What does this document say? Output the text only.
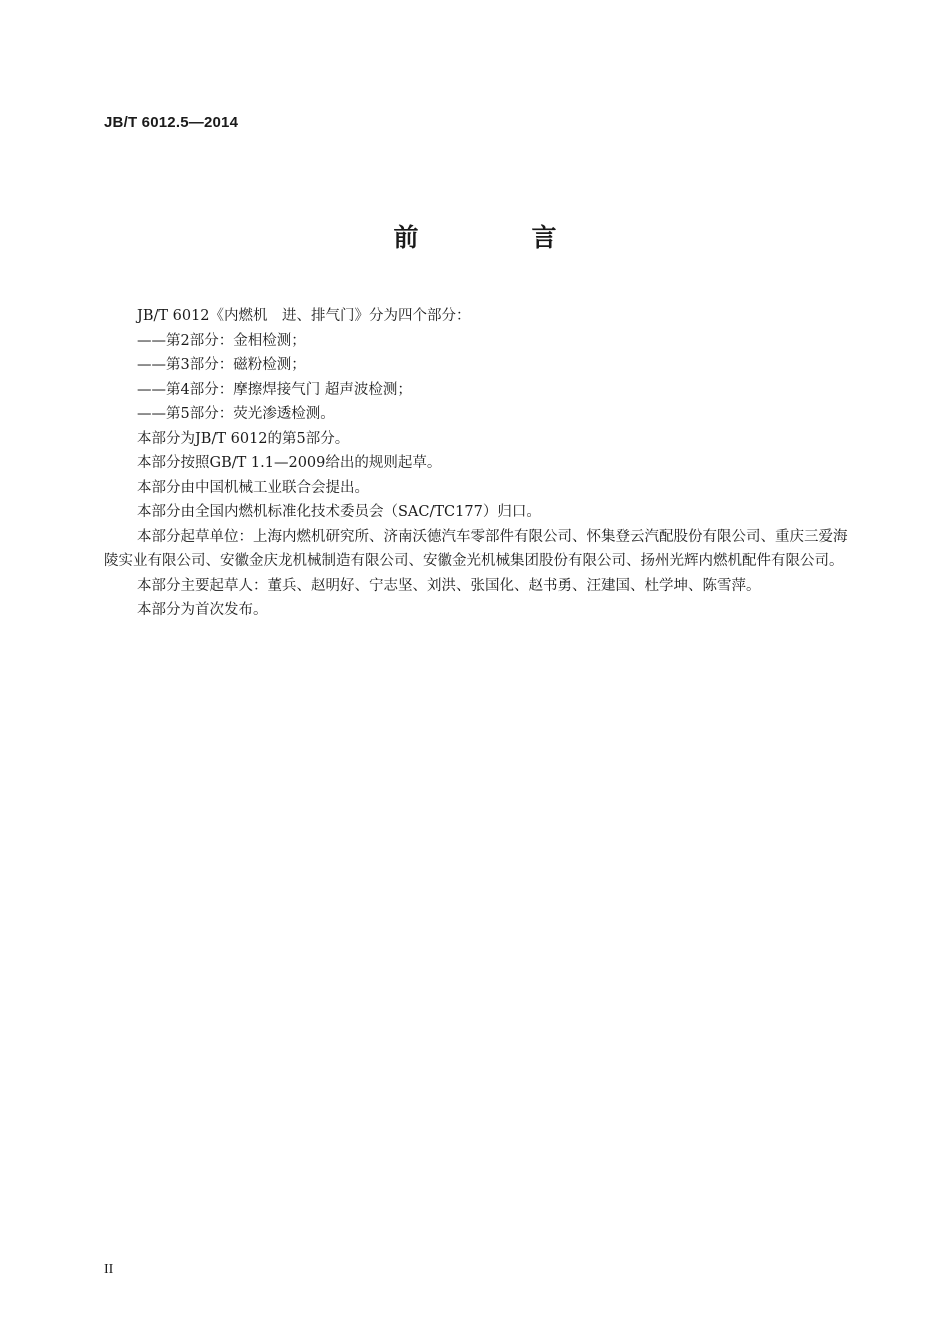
JB/T 6012.5—2014
前　言

JB/T 6012《内燃机　进、排气门》分为四个部分：

——第2部分：金相检测；

——第3部分：磁粉检测；

——第4部分：摩擦焊接气门 超声波检测；

——第5部分：荧光渗透检测。

本部分为JB/T 6012的第5部分。

本部分按照GB/T 1.1—2009给出的规则起草。

本部分由中国机械工业联合会提出。

本部分由全国内燃机标准化技术委员会（SAC/TC177）归口。

本部分起草单位：上海内燃机研究所、济南沃德汽车零部件有限公司、怀集登云汽配股份有限公司、重庆三爱海陵实业有限公司、安徽金庆龙机械制造有限公司、安徽金光机械集团股份有限公司、扬州光辉内燃机配件有限公司。

本部分主要起草人：董兵、赵明好、宁志坚、刘洪、张国化、赵书勇、汪建国、杜学坤、陈雪萍。

本部分为首次发布。

II
